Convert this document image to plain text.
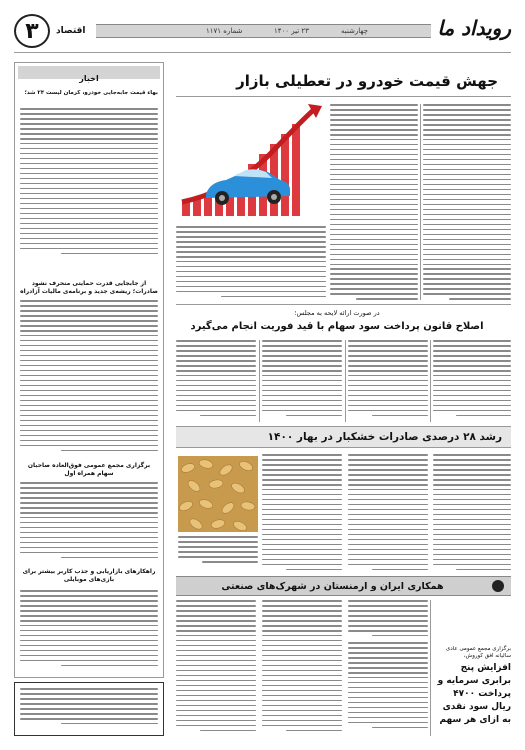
۳ اقتصاد	شماره ۱۱۷۱	۲۳ تیر ۱۴۰۰	چهارشنبه	رویداد ما
اخبار
بهاء قیمت جابه‌جایی خودرو، کرمان لیست ۲۴ شد؛
از جابجایی قدرت حمایتی منحرف نشود صادرات؛ ریشه‌ی جدید و برنامه‌ی مالیات آزادراه
برگزاری مجمع عمومی فوق‌العاده صاحبان سهام همراه اول
راهکارهای بازاریابی و جذب کاربر بیشتر برای بازی‌های موبایلی
جهش قیمت خودرو در تعطیلی بازار
در صورت ارائه لایحه به مجلس؛
اصلاح قانون پرداخت سود سهام با قید فوریت انجام می‌گیرد
رشد ۲۸ درصدی صادرات خشکبار در بهار ۱۴۰۰
همکاری ایران و ارمنستان در شهرک‌های صنعتی
برگزاری مجمع عمومی عادی سالیانه افق کوروش،
افزایش پنج برابری سرمایه و پرداخت ۴۷۰۰ ریال سود نقدی به ازای هر سهم
